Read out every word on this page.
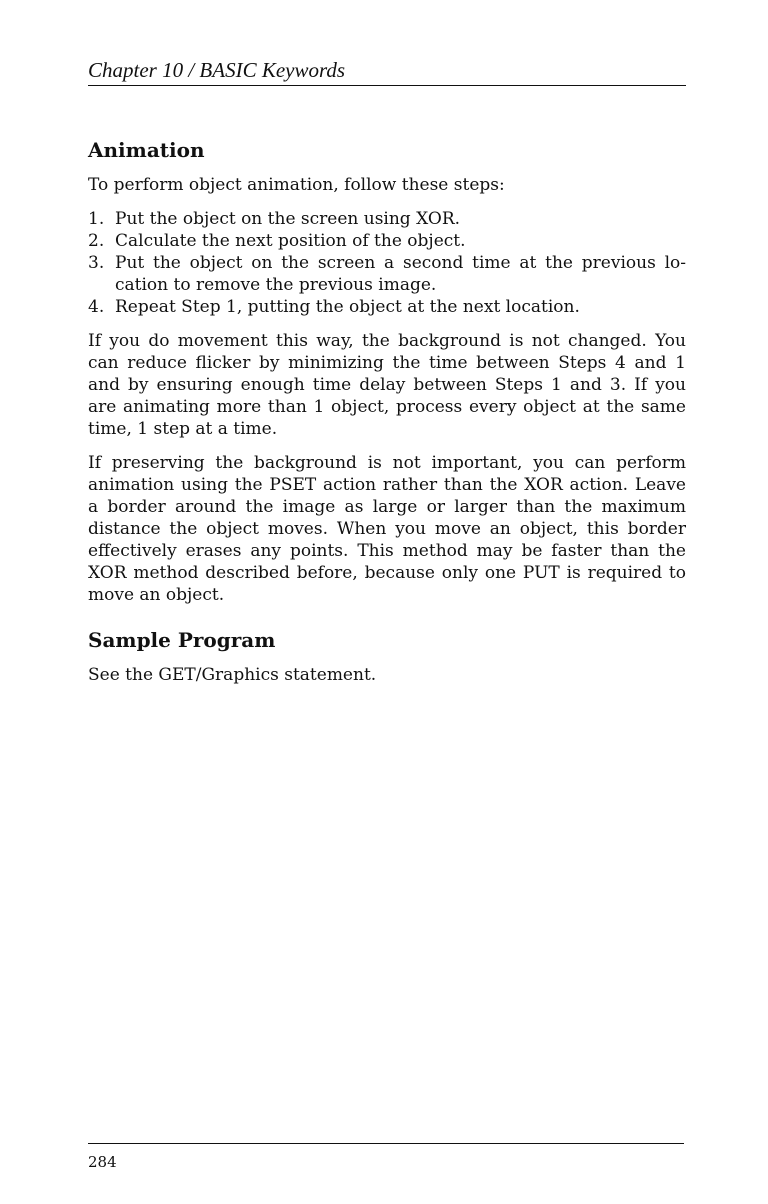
Chapter 10 / BASIC Keywords
Animation

To perform object animation, follow these steps:

1. Put the object on the screen using XOR.
2. Calculate the next position of the object.
3. Put the object on the screen a second time at the previous lo-cation to remove the previous image.
4. Repeat Step 1, putting the object at the next location.

If you do movement this way, the background is not changed. You can reduce flicker by minimizing the time between Steps 4 and 1 and by ensuring enough time delay between Steps 1 and 3. If you are animating more than 1 object, process every object at the same time, 1 step at a time.

If preserving the background is not important, you can perform animation using the PSET action rather than the XOR action. Leave a border around the image as large or larger than the maximum distance the object moves. When you move an object, this border effectively erases any points. This method may be faster than the XOR method described before, because only one PUT is required to move an object.

Sample Program

See the GET/Graphics statement.

284
